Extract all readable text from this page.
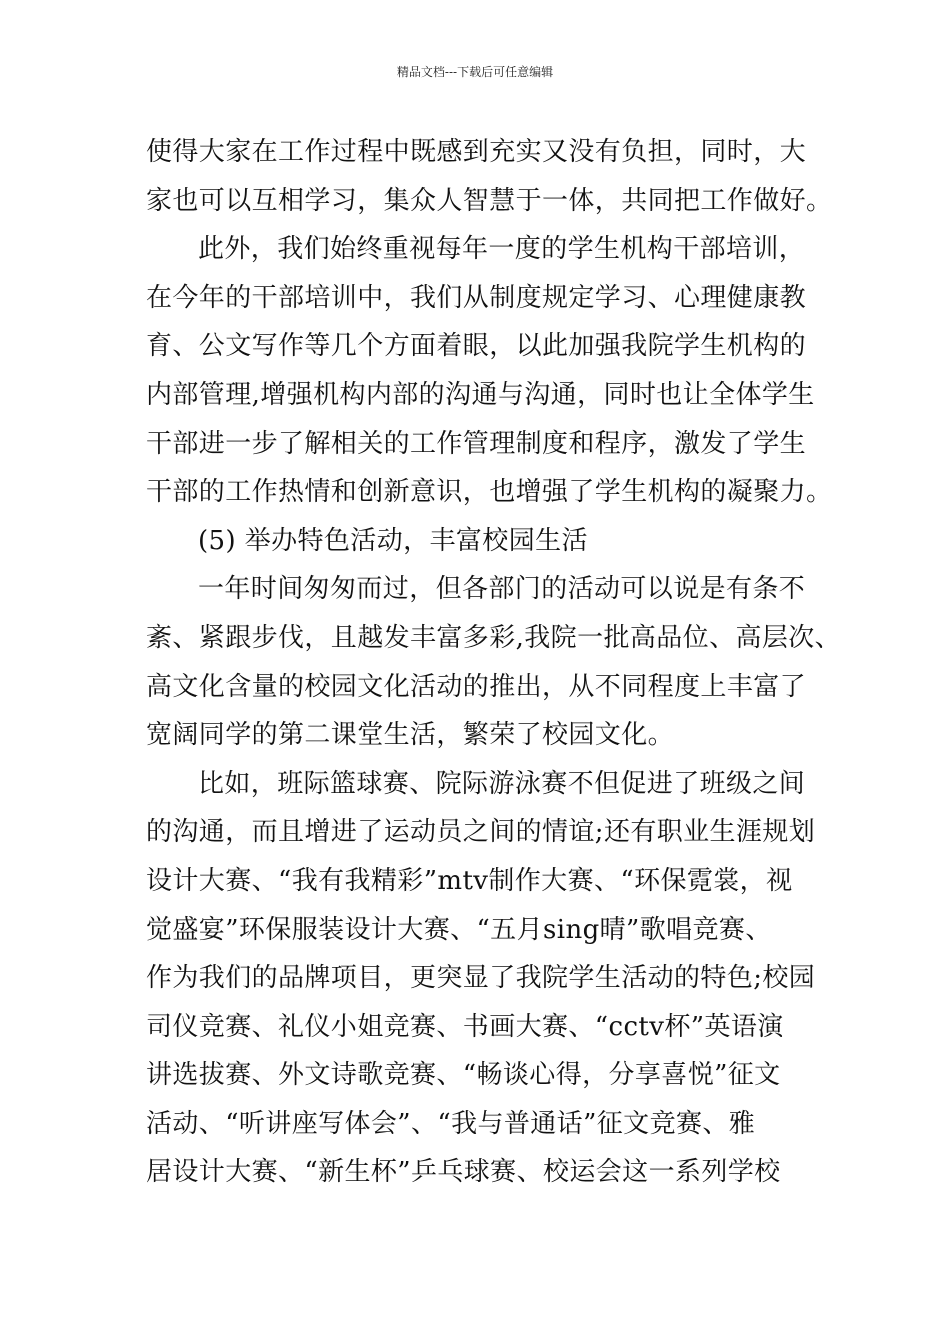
精品文档---下载后可任意编辑
使得大家在工作过程中既感到充实又没有负担，同时，大
家也可以互相学习，集众人智慧于一体，共同把工作做好。
此外，我们始终重视每年一度的学生机构干部培训，
在今年的干部培训中，我们从制度规定学习、心理健康教
育、公文写作等几个方面着眼，以此加强我院学生机构的
内部管理,增强机构内部的沟通与沟通，同时也让全体学生
干部进一步了解相关的工作管理制度和程序，激发了学生
干部的工作热情和创新意识，也增强了学生机构的凝聚力。
(5) 举办特色活动，丰富校园生活
一年时间匆匆而过，但各部门的活动可以说是有条不
紊、紧跟步伐，且越发丰富多彩,我院一批高品位、高层次、
高文化含量的校园文化活动的推出，从不同程度上丰富了
宽阔同学的第二课堂生活，繁荣了校园文化。
比如，班际篮球赛、院际游泳赛不但促进了班级之间
的沟通，而且增进了运动员之间的情谊;还有职业生涯规划
设计大赛、“我有我精彩”mtv制作大赛、“环保霓裳，视
觉盛宴”环保服装设计大赛、“五月sing晴”歌唱竞赛、
作为我们的品牌项目，更突显了我院学生活动的特色;校园
司仪竞赛、礼仪小姐竞赛、书画大赛、“cctv杯”英语演
讲选拔赛、外文诗歌竞赛、“畅谈心得，分享喜悦”征文
活动、“听讲座写体会”、“我与普通话”征文竞赛、雅
居设计大赛、“新生杯”乒乓球赛、校运会这一系列学校
